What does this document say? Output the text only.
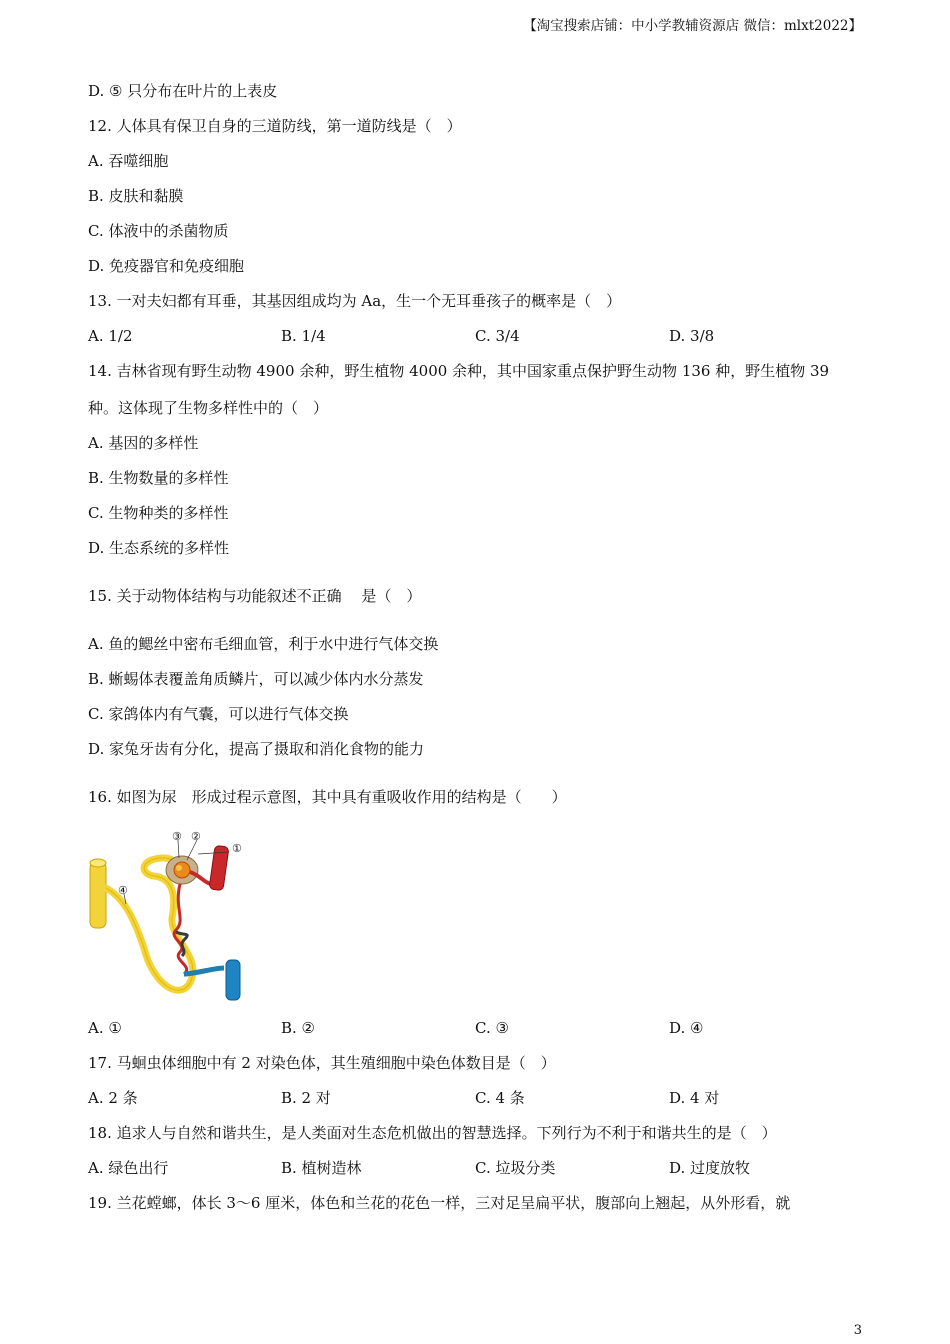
【淘宝搜索店铺：中小学教辅资源店 微信：mlxt2022】
D. ⑤ 只分布在叶片的上表皮
12. 人体具有保卫自身的三道防线，第一道防线是（　）
A. 吞噬细胞
B. 皮肤和黏膜
C. 体液中的杀菌物质
D. 免疫器官和免疫细胞
13. 一对夫妇都有耳垂，其基因组成均为 Aa，生一个无耳垂孩子的概率是（　）
A. 1/2	B. 1/4	C. 3/4	D. 3/8
14. 吉林省现有野生动物 4900 余种，野生植物 4000 余种，其中国家重点保护野生动物 136 种，野生植物 39
种。这体现了生物多样性中的（　）
A. 基因的多样性
B. 生物数量的多样性
C. 生物种类的多样性
D. 生态系统的多样性
15. 关于动物体结构与功能叙述不正确　 是（　）
A. 鱼的鳃丝中密布毛细血管，利于水中进行气体交换
B. 蜥蜴体表覆盖角质鳞片，可以减少体内水分蒸发
C. 家鸽体内有气囊，可以进行气体交换
D. 家兔牙齿有分化，提高了摄取和消化食物的能力
16. 如图为尿　形成过程示意图，其中具有重吸收作用的结构是（　　）
①
②
③
④
A. ①	B. ②	C. ③	D. ④
17. 马蛔虫体细胞中有 2 对染色体，其生殖细胞中染色体数目是（　）
A. 2 条	B. 2 对	C. 4 条	D. 4 对
18. 追求人与自然和谐共生，是人类面对生态危机做出的智慧选择。下列行为不利于和谐共生的是（　）
A. 绿色出行	B. 植树造林	C. 垃圾分类	D. 过度放牧
19. 兰花螳螂，体长 3～6 厘米，体色和兰花的花色一样，三对足呈扁平状，腹部向上翘起，从外形看，就
3
